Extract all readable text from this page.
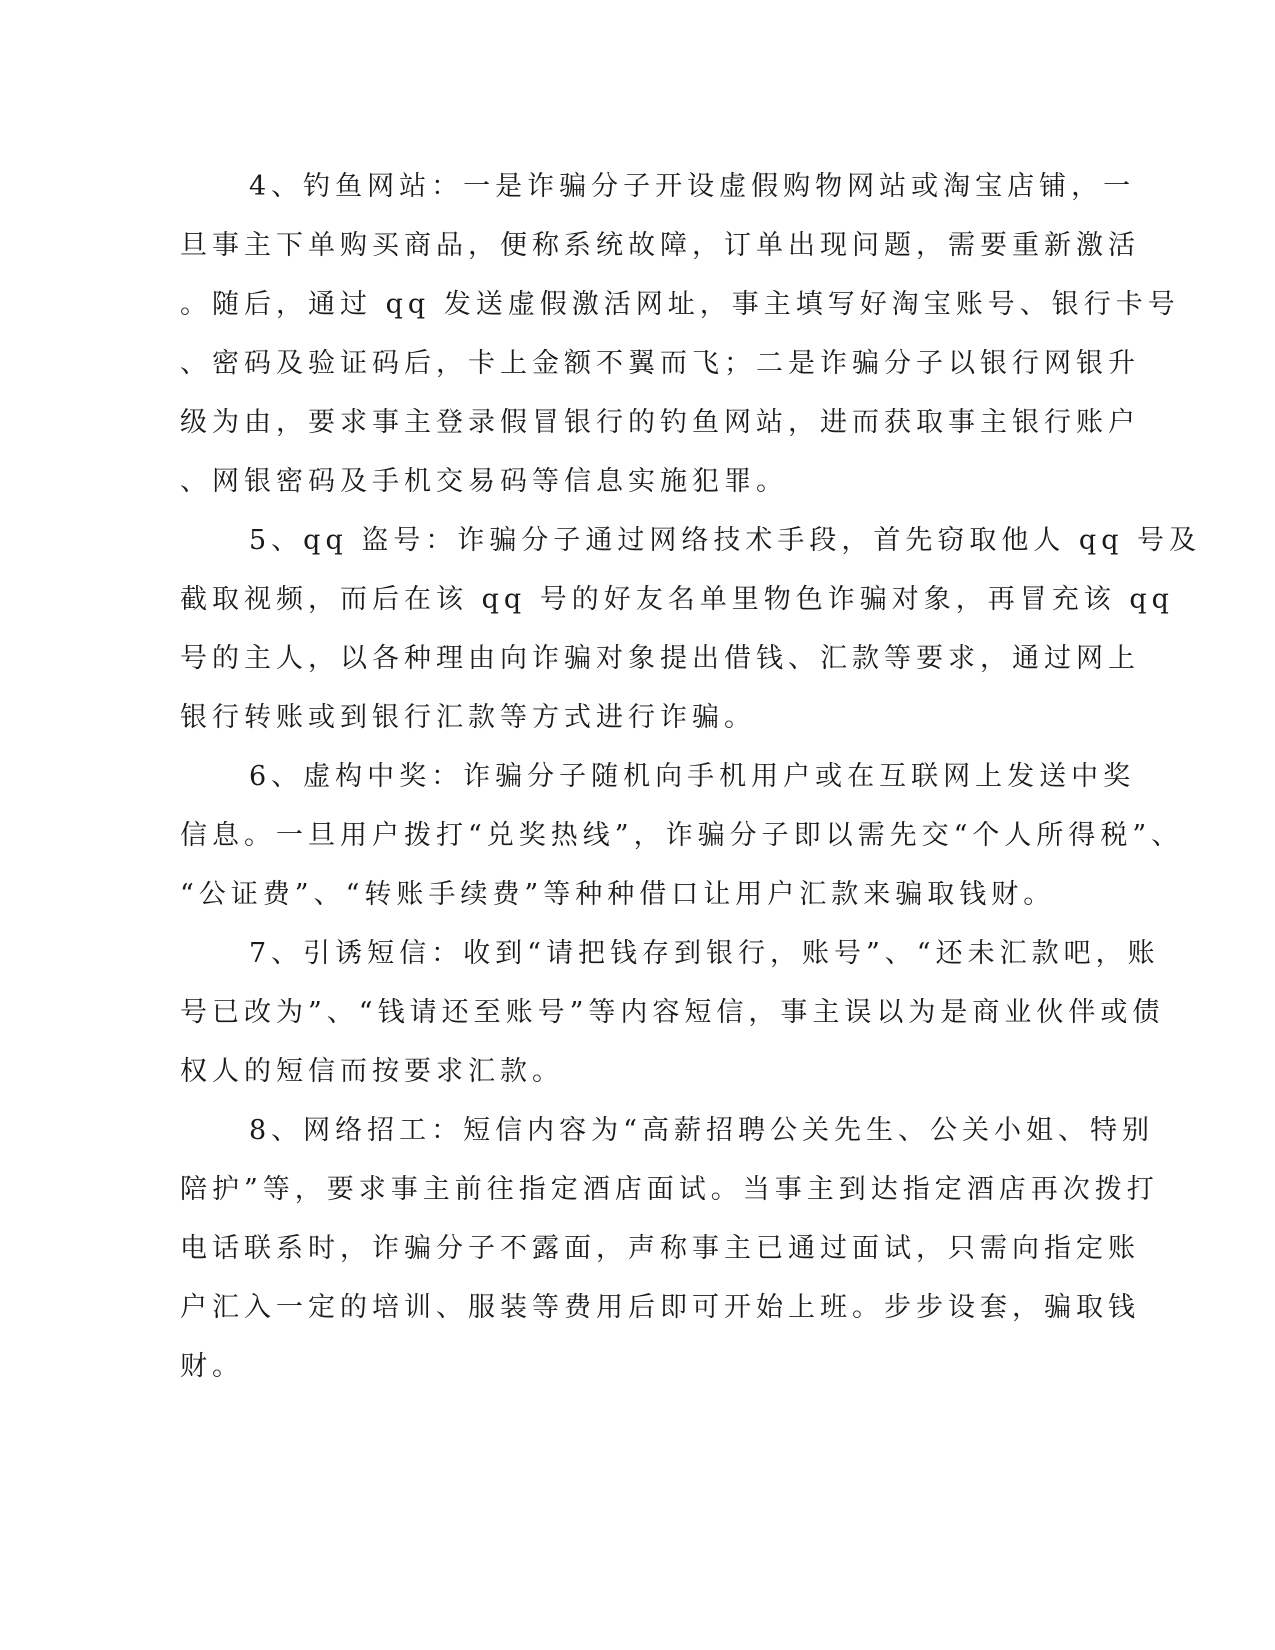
4、钓鱼网站：一是诈骗分子开设虚假购物网站或淘宝店铺，一
旦事主下单购买商品，便称系统故障，订单出现问题，需要重新激活
。随后，通过 qq 发送虚假激活网址，事主填写好淘宝账号、银行卡号
、密码及验证码后，卡上金额不翼而飞；二是诈骗分子以银行网银升
级为由，要求事主登录假冒银行的钓鱼网站，进而获取事主银行账户
、网银密码及手机交易码等信息实施犯罪。
5、qq 盗号：诈骗分子通过网络技术手段，首先窃取他人 qq 号及
截取视频，而后在该 qq 号的好友名单里物色诈骗对象，再冒充该 qq
号的主人，以各种理由向诈骗对象提出借钱、汇款等要求，通过网上
银行转账或到银行汇款等方式进行诈骗。
6、虚构中奖：诈骗分子随机向手机用户或在互联网上发送中奖
信息。一旦用户拨打“兑奖热线”，诈骗分子即以需先交“个人所得税”、
“公证费”、“转账手续费”等种种借口让用户汇款来骗取钱财。
7、引诱短信：收到“请把钱存到银行，账号”、“还未汇款吧，账
号已改为”、“钱请还至账号”等内容短信，事主误以为是商业伙伴或债
权人的短信而按要求汇款。
8、网络招工：短信内容为“高薪招聘公关先生、公关小姐、特别
陪护”等，要求事主前往指定酒店面试。当事主到达指定酒店再次拨打
电话联系时，诈骗分子不露面，声称事主已通过面试，只需向指定账
户汇入一定的培训、服装等费用后即可开始上班。步步设套，骗取钱
财。
